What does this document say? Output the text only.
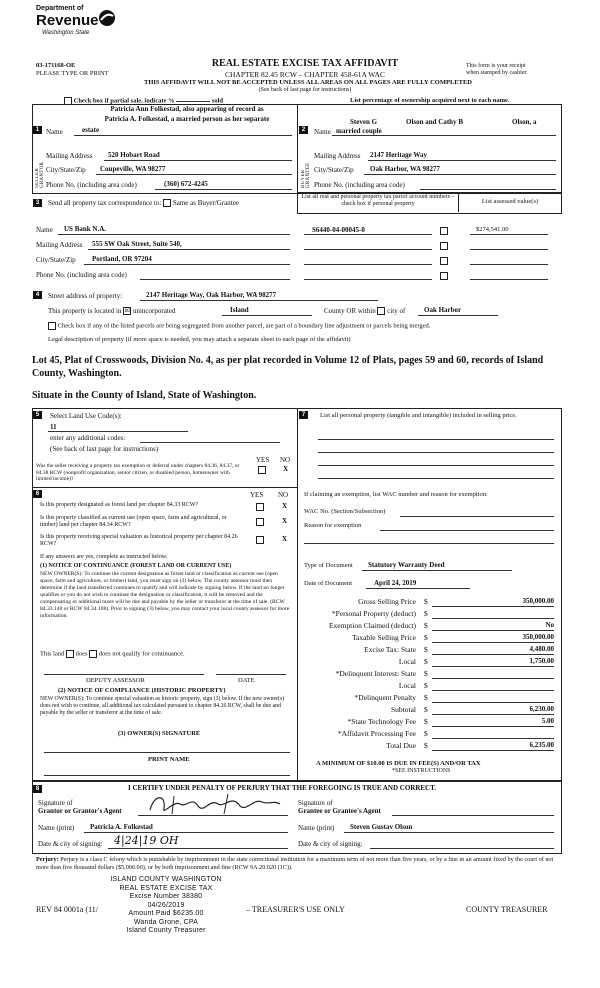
Department of
Revenue
Washington State
03-171168-OE
PLEASE TYPE OR PRINT
REAL ESTATE EXCISE TAX AFFIDAVIT
CHAPTER 82.45 RCW – CHAPTER 458-61A WAC
THIS AFFIDAVIT WILL NOT BE ACCEPTED UNLESS ALL AREAS ON ALL PAGES ARE FULLY COMPLETED
(See back of last page for instructions)
This form is your receipt
when stamped by cashier.
Check box if partial sale, indicate %	sold	List percentage of ownership acquired next to each name.
1
SELLER GRANTOR
Name
Patricia Ann Folkestad, also appearing of record as
Patricia A. Folkestad, a married person as her separate
estate
Mailing Address 520 Hobart Road
City/State/Zip Coupeville, WA 98277
Phone No. (including area code)	(360) 672-4245
2
BUYER GRANTEE
Name
Steven G	Olson and Cathy B	Olson, a
married couple
Mailing Address 2147 Heritage Way
City/State/Zip Oak Harbor, WA 98277
Phone No. (including area code)
3	Send all property tax correspondence to: Same as Buyer/Grantee
List all real and personal property tax parcel account numbers – check box if personal property	List assessed value(s)
Name US Bank N.A.
Mailing Address 555 SW Oak Street, Suite 540,
City/State/Zip Portland, OR 97204
Phone No. (including area code)
S6440-04-00045-0	$274,541.00
4	Street address of property:	2147 Heritage Way, Oak Harbor, WA 98277
This property is located in ☒ unincorporated	Island	County OR within city of	Oak Harbor
Check box if any of the listed parcels are being segregated from another parcel, are part of a boundary line adjustment or parcels being merged.
Legal description of property (if more space is needed, you may attach a separate sheet to each page of the affidavit)
Lot 45, Plat of Crosswoods, Division No. 4, as per plat recorded in Volume 12 of Plats, pages 59 and 60, records of Island County, Washington.
Situate in the County of Island, State of Washington.
5	Select Land Use Code(s):
11
enter any additional codes:
(See back of last page for instructions)
YES NO
Was the seller receiving a property tax exemption or deferral under chapters 84.36, 84.37, or 84.38 RCW (nonprofit organization, senior citizen, or disabled person, homeowner with limited income)?
X
6	YES NO
Is this property designated as forest land per chapter 84.33 RCW?	X
Is this property classified as current use (open space, farm and agricultural, or timber) land per chapter 84.34 RCW?	X
Is this property receiving special valuation as historical property per chapter 84.26 RCW?
X
If any answers are yes, complete as instructed below.
(1) NOTICE OF CONTINUANCE (FOREST LAND OR CURRENT USE)
NEW OWNER(S): To continue the current designation as forest land or classification as current use (open space, farm and agriculture, or timber) land, you must sign on (3) below. The county assessor must then determine if the land transferred continues to qualify and will indicate by signing below. If the land no longer qualifies or you do not wish to continue the designation or classification, it will be removed and the compensating or additional taxes will be due and payable by the seller or transferor at the time of sale. (RCW 84.33.140 or RCW 84.34.108). Prior to signing (3) below, you may contact your local county assessor for more information.
This land does does not qualify for continuance.
DEPUTY ASSESSOR	DATE
(2) NOTICE OF COMPLIANCE (HISTORIC PROPERTY)
NEW OWNER(S): To continue special valuation as historic property, sign (3) below. If the new owner(s) does not wish to continue, all additional tax calculated pursuant to chapter 84.26 RCW, shall be due and payable by the seller or transferor at the time of sale.
(3) OWNER(S) SIGNATURE
PRINT NAME
7	List all personal property (tangible and intangible) included in selling price.
If claiming an exemption, list WAC number and reason for exemption:
WAC No. (Section/Subsection)
Reason for exemption
Type of Document Statutory Warranty Deed
Date of Document	April 24, 2019
Gross Selling Price $	350,000.00
*Personal Property (deduct) $
Exemption Claimed (deduct) $	No
Taxable Selling Price $	350,000.00
Excise Tax: State $	4,480.00
Local $	1,750.00
*Delinquent Interest: State $
Local $
*Delinquent Penalty $
Subtotal $	6,230.00
*State Technology Fee $	5.00
*Affidavit Processing Fee $
Total Due $	6,235.00
A MINIMUM OF $10.00 IS DUE IN FEE(S) AND/OR TAX
*SEE INSTRUCTIONS
8	I CERTIFY UNDER PENALTY OF PERJURY THAT THE FOREGOING IS TRUE AND CORRECT.
Signature of
Grantor or Grantor's Agent
Signature of
Grantee or Grantee's Agent
Name (print) Patricia A. Folkestad	Name (print) Steven Gustav Olson
Date & city of signing: 4|24|19 OH	Date & city of signing:
Perjury: Perjury is a class C felony which is punishable by imprisonment in the state correctional institution for a maximum term of not more than five years, or by a fine in an amount fixed by the court of not more than five thousand dollars ($5,000.00), or by both imprisonment and fine (RCW 9A.20.020 (1C)).
ISLAND COUNTY WASHINGTON
REAL ESTATE EXCISE TAX
Excise Number 38380
04/26/2019
Amount Paid $6235.00
Wanda Grone, CPA
Island County Treasurer
REV 84 0001a (11/	– TREASURER'S USE ONLY	COUNTY TREASURER
